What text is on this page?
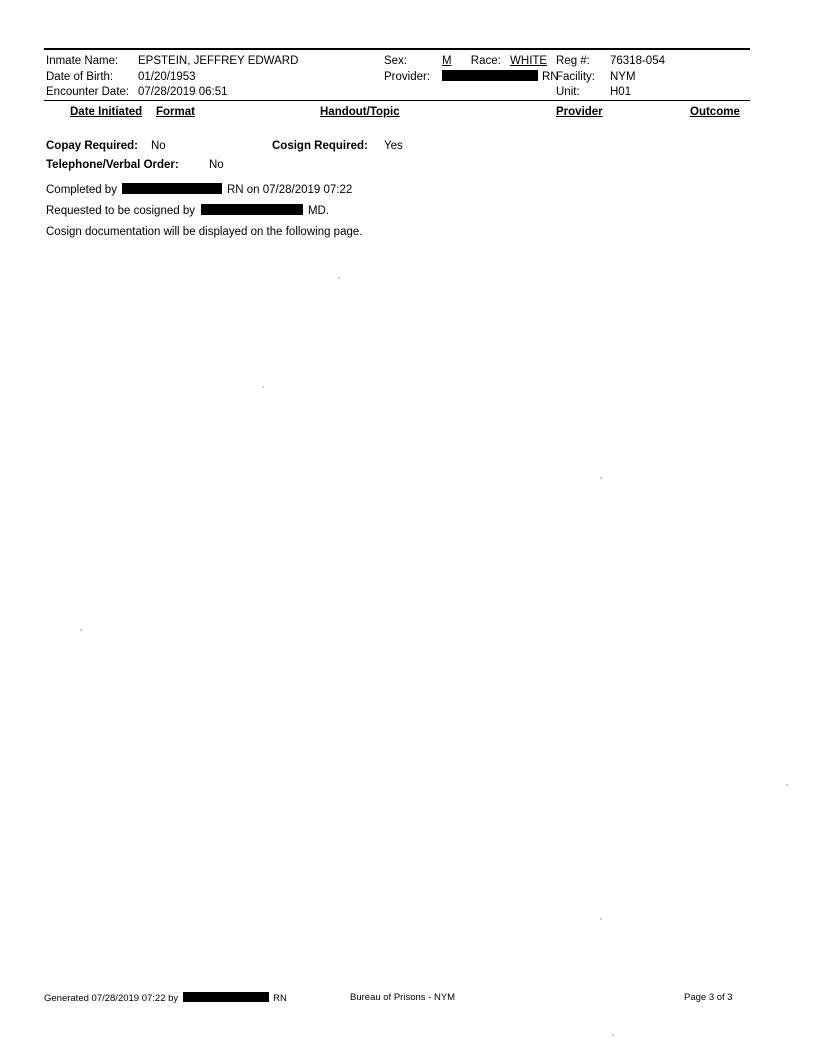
Inmate Name: EPSTEIN, JEFFREY EDWARD
Date of Birth: 01/20/1953
Encounter Date: 07/28/2019 06:51
Sex:	M Race: WHITE
Provider:	RN
Reg #: 76318-054
Facility: NYM
Unit:	H01
Date Initiated Format	Handout/Topic	Provider	Outcome
Copay Required: No	Cosign Required: Yes
Telephone/Verbal Order:	No
Completed by	RN on 07/28/2019 07:22
Requested to be cosigned by	MD.
Cosign documentation will be displayed on the following page.
Generated 07/28/2019 07:22 by	RN	Bureau of Prisons - NYM	Page 3 of 3
